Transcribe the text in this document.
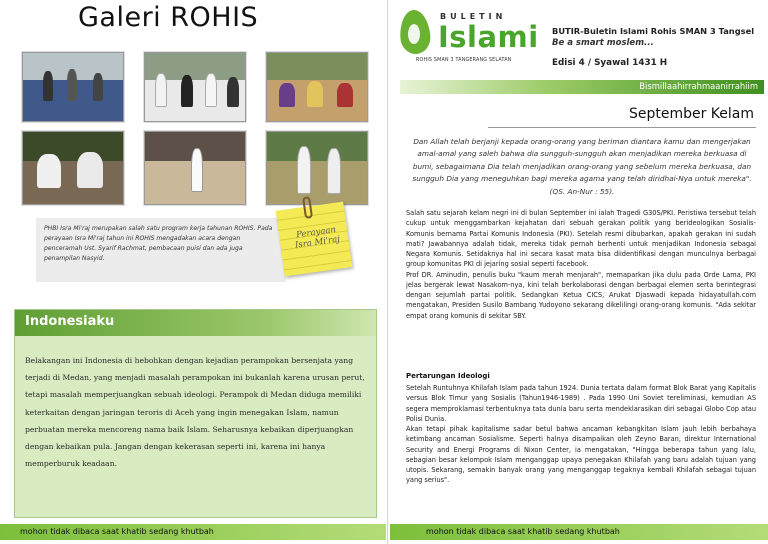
Galeri ROHIS
PHBI Isra Mi'raj merupakan salah satu program kerja tahunan ROHIS. Pada perayaan Isra Mi'raj tahun ini ROHIS mengadakan acara dengan penceramah Ust. Syarif Rachmat, pembacaan puisi dan ada juga penampilan Nasyid.
Perayaan Isra Mi'raj
Indonesiaku
Belakangan ini Indonesia di hebohkan dengan kejadian perampokan bersenjata yang terjadi di Medan, yang menjadi masalah perampokan ini bukanlah karena urusan perut, tetapi masalah memperjuangkan sebuah ideologi. Perampok di Medan diduga memiliki keterkaitan dengan jaringan teroris di Aceh yang ingin menegakan Islam, namun perbuatan mereka mencoreng nama baik Islam. Seharusnya kebaikan diperjuangkan dengan kebaikan pula. Jangan dengan kekerasan seperti ini, karena ini hanya memperburuk keadaan.
mohon tidak dibaca saat khatib sedang khutbah
BULETIN
Islami
ROHIS SMAN 3 TANGERANG SELATAN
BUTIR-Buletin Islami Rohis SMAN 3 Tangsel
Be a smart moslem...
Edisi 4 / Syawal 1431 H
Bismillaahirrahmaanirrahiim
September Kelam
Dan Allah telah berjanji kepada orang-orang yang beriman diantara kamu dan mengerjakan amal-amal yang saleh bahwa dia sungguh-sungguh akan menjadikan mereka berkuasa di bumi, sebagaimana Dia telah menjadikan orang-orang yang sebelum mereka berkuasa, dan sungguh Dia yang meneguhkan bagi mereka agama yang telah diridhai-Nya untuk mereka". (QS. An-Nur : 55).

Salah satu sejarah kelam negri ini di bulan September ini ialah Tragedi G30S/PKI. Peristiwa tersebut telah cukup untuk menggambarkan kejahatan dari sebuah gerakan politik yang berideologikan Sosialis-Komunis bernama Partai Komunis Indonesia (PKI). Setelah resmi dibubarkan, apakah gerakan ini sudah mati? Jawabannya adalah tidak, mereka tidak pernah berhenti untuk menjadikan Indonesia sebagai Negara Komunis. Setidaknya hal ini secara kasat mata bisa diidentifikasi dengan munculnya berbagai group komunitas PKI di jejaring sosial seperti facebook.

Prof DR. Aminudin, penulis buku "kaum merah menjarah", memaparkan jika dulu pada Orde Lama, PKI jelas bergerak lewat Nasakom-nya, kini telah berkolaborasi dengan berbagai elemen serta berintegrasi dengan sejumlah partai politik. Sedangkan Ketua CICS, Arukat Djaswadi kepada hidayatullah.com mengatakan, Presiden Susilo Bambang Yudoyono sekarang dikelilingi orang-orang komunis. "Ada sekitar empat orang komunis di sekitar SBY.

Pertarungan Ideologi

Setelah Runtuhnya Khilafah Islam pada tahun 1924. Dunia tertata dalam format Blok Barat yang Kapitalis versus Blok Timur yang Sosialis (Tahun1946-1989) . Pada 1990 Uni Soviet tereliminasi, kemudian AS segera memproklamasi terbentuknya tata dunia baru serta mendeklarasikan diri sebagai Globo Cop atau Polisi Dunia.

Akan tetapi pihak kapitalisme sadar betul bahwa ancaman kebangkitan Islam jauh lebih berbahaya ketimbang ancaman Sosialisme. Seperti halnya disampaikan oleh Zeyno Baran, direktur International Security and Energi Programs di Nixon Center, ia mengatakan, "Hingga beberapa tahun yang lalu, sebagian besar kelompok Islam menganggap upaya penegakan Khilafah yang baru adalah tujuan yang utopis. Sekarang, semakin banyak orang yang menganggap tegaknya kembali Khilafah sebagai tujuan yang serius".

mohon tidak dibaca saat khatib sedang khutbah
